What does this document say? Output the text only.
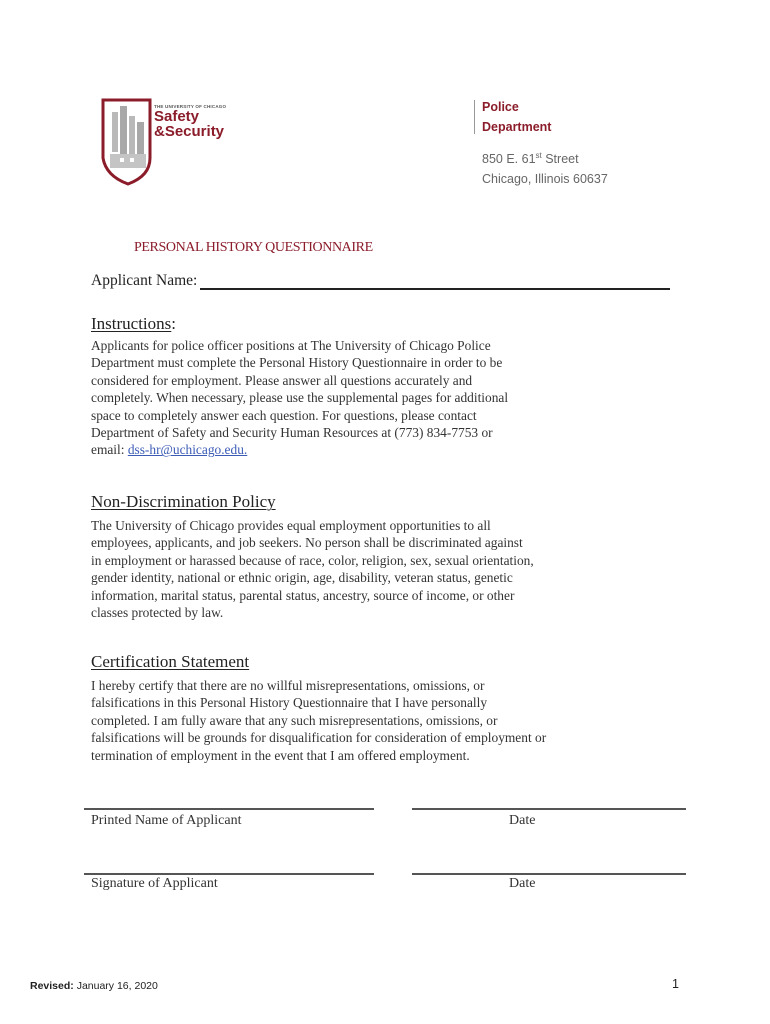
THE UNIVERSITY OF CHICAGO
Safety
&Security
Police
Department
850 E. 61st Street
Chicago, Illinois 60637
PERSONAL HISTORY QUESTIONNAIRE
Applicant Name:
Instructions:
Applicants for police officer positions at The University of Chicago Police
Department must complete the Personal History Questionnaire in order to be
considered for employment. Please answer all questions accurately and
completely. When necessary, please use the supplemental pages for additional
space to completely answer each question. For questions, please contact
Department of Safety and Security Human Resources at (773) 834-7753 or
email: dss-hr@uchicago.edu.
Non-Discrimination Policy
The University of Chicago provides equal employment opportunities to all
employees, applicants, and job seekers. No person shall be discriminated against
in employment or harassed because of race, color, religion, sex, sexual orientation,
gender identity, national or ethnic origin, age, disability, veteran status, genetic
information, marital status, parental status, ancestry, source of income, or other
classes protected by law.
Certification Statement
I hereby certify that there are no willful misrepresentations, omissions, or
falsifications in this Personal History Questionnaire that I have personally
completed. I am fully aware that any such misrepresentations, omissions, or
falsifications will be grounds for disqualification for consideration of employment or
termination of employment in the event that I am offered employment.
Printed Name of Applicant	Date
Signature of Applicant	Date
Revised: January 16, 2020	1
